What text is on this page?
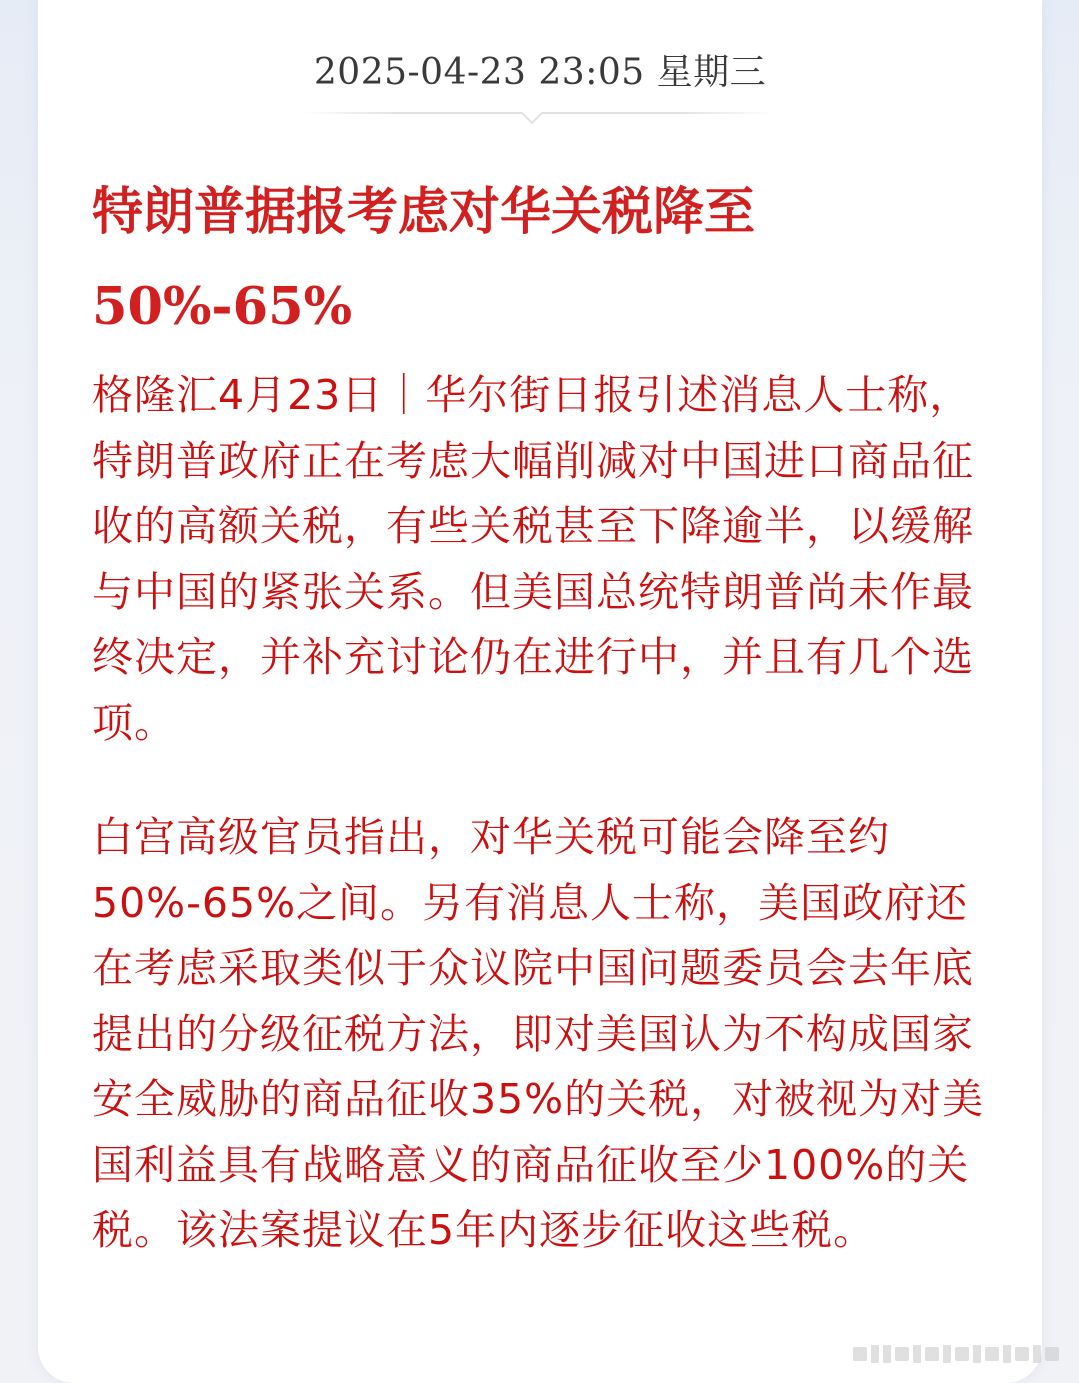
2025-04-23 23:05 星期三
特朗普据报考虑对华关税降至
50%-65%

格隆汇4月23日｜华尔街日报引述消息人士称，特朗普政府正在考虑大幅削减对中国进口商品征收的高额关税，有些关税甚至下降逾半，以缓解与中国的紧张关系。但美国总统特朗普尚未作最终决定，并补充讨论仍在进行中，并且有几个选项。

白宫高级官员指出，对华关税可能会降至约50%-65%之间。另有消息人士称，美国政府还在考虑采取类似于众议院中国问题委员会去年底提出的分级征税方法，即对美国认为不构成国家安全威胁的商品征收35%的关税，对被视为对美国利益具有战略意义的商品征收至少100%的关税。该法案提议在5年内逐步征收这些税。
